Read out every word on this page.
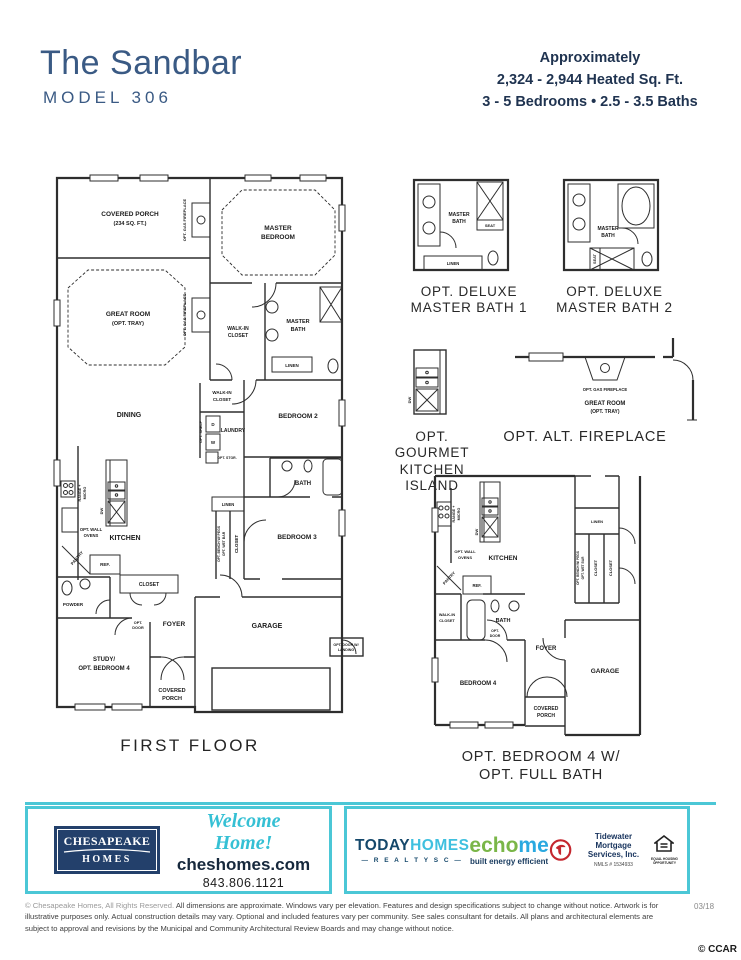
The Sandbar
MODEL 306
Approximately
2,324 - 2,944 Heated Sq. Ft.
3 - 5 Bedrooms • 2.5 - 3.5 Baths
COVERED PORCH
(234 SQ. FT.)
MASTER
BEDROOM
OPT. GAS FIREPLACE
OPT. GAS FIREPLACE
GREAT ROOM
(OPT. TRAY)
WALK-IN
CLOSET
MASTER
BATH
LINEN
DINING
WALK-IN
CLOSET
BEDROOM 2
LAUNDRY
OPT. SHELF D
W
OPT. STOR.
BATH
LINEN
BEDROOM 3
OPT. BENCH W/ PEGS OPT. WET BAR CLOSET
KITCHEN
RANGE + MICRO
DW
OPT. WALL
OVENS
PANTRY	REF.
CLOSET
POWDER
FOYER
OPT.
DOOR	GARAGE
OPT. DOOR W/
LANDING
STUDY/
OPT. BEDROOM 4
COVERED
PORCH
FIRST FLOOR
MASTER
BATH
SEAT
LINEN
OPT. DELUXE
MASTER BATH 1
MASTER
BATH
SEAT
OPT. DELUXE
MASTER BATH 2
DW
OPT. GOURMET
KITCHEN ISLAND
OPT. GAS FIREPLACE
GREAT ROOM
(OPT. TRAY)
OPT. ALT. FIREPLACE
KITCHEN
RANGE + MICRO
DW
OPT. WALL
OVENS
PANTRY	REF.
LINEN
CLOSET	CLOSET
OPT. BENCH W/ PEGS OPT. WET BAR
WALK-IN
CLOSET	BATH
OPT.
DOOR
FOYER
BEDROOM 4
GARAGE
COVERED
PORCH
OPT. BEDROOM 4 W/
OPT. FULL BATH
CHESAPEAKE
HOMES
Welcome Home!
cheshomes.com
843.806.1121
TODAYHOMES
— R E A L T Y S C —
echome
built energy efficient
Tidewater Mortgage
Services, Inc.
NMLS # 1534933
EQUAL HOUSING OPPORTUNITY
© Chesapeake Homes, All Rights Reserved. All dimensions are approximate. Windows vary per elevation. Features and design specifications subject to change without notice. Artwork is for illustrative purposes only. Actual construction details may vary. Optional and included features vary per community. See sales consultant for details. All plans and architectural elements are subject to approval and revisions by the Municipal and Community Architectural Review Boards and may change without notice.
03/18
© CCAR
